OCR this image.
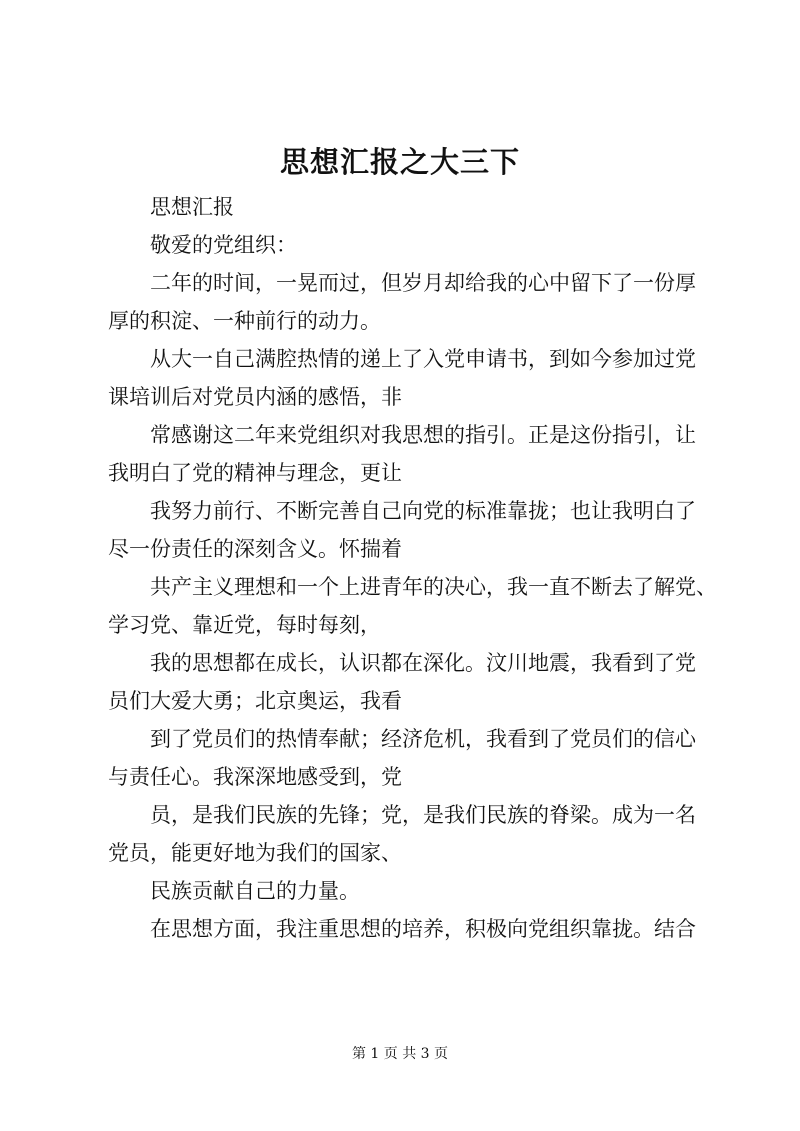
思想汇报之大三下

思想汇报

敬爱的党组织：

二年的时间，一晃而过，但岁月却给我的心中留下了一份厚

厚的积淀、一种前行的动力。

从大一自己满腔热情的递上了入党申请书，到如今参加过党

课培训后对党员内涵的感悟，非

常感谢这二年来党组织对我思想的指引。正是这份指引，让

我明白了党的精神与理念，更让

我努力前行、不断完善自己向党的标准靠拢；也让我明白了

尽一份责任的深刻含义。怀揣着

共产主义理想和一个上进青年的决心，我一直不断去了解党、

学习党、靠近党，每时每刻，

我的思想都在成长，认识都在深化。汶川地震，我看到了党

员们大爱大勇；北京奥运，我看

到了党员们的热情奉献；经济危机，我看到了党员们的信心

与责任心。我深深地感受到，党

员，是我们民族的先锋；党，是我们民族的脊梁。成为一名

党员，能更好地为我们的国家、

民族贡献自己的力量。

在思想方面，我注重思想的培养，积极向党组织靠拢。结合

第 1 页 共 3 页
